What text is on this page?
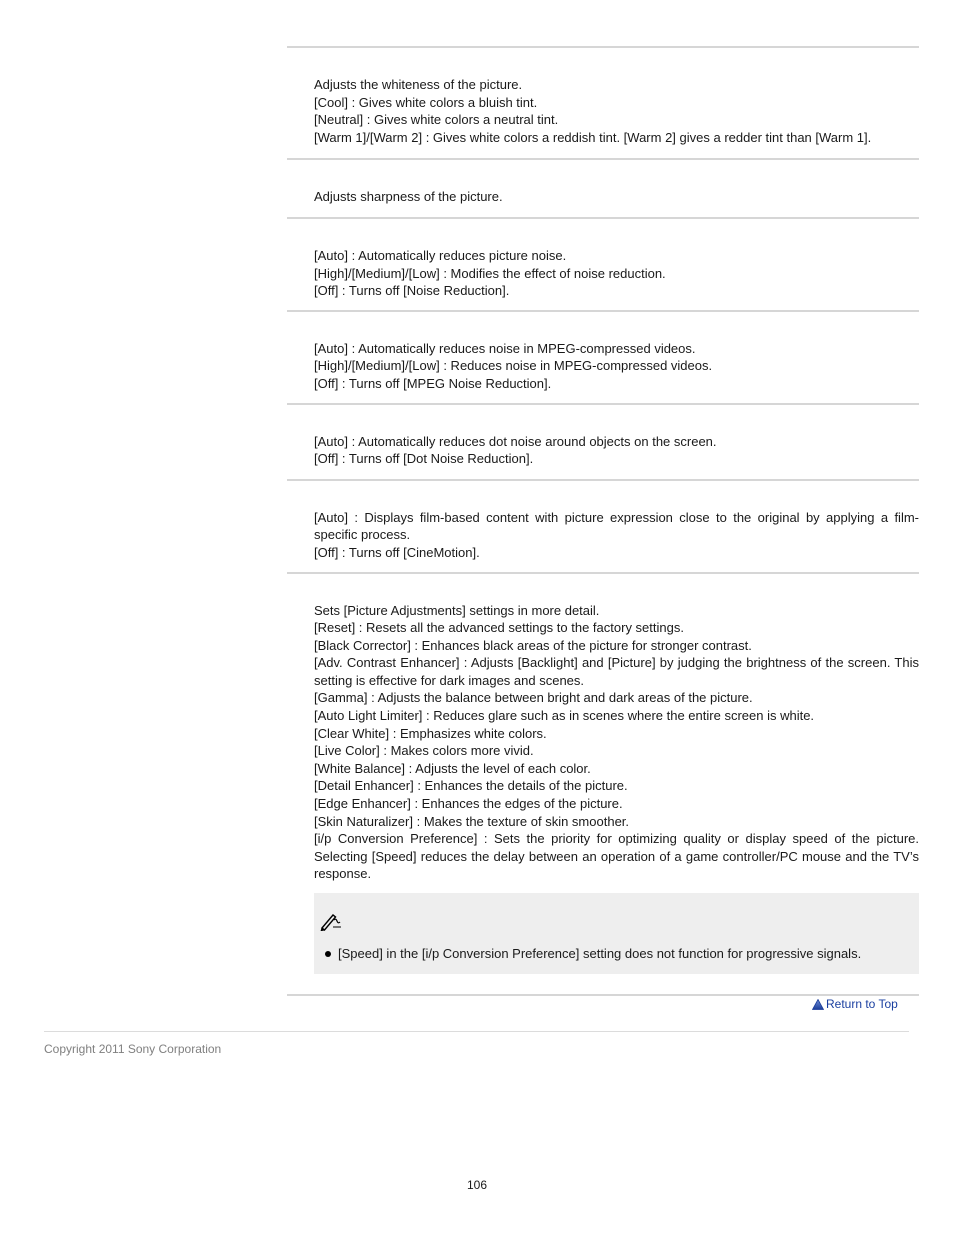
Adjusts the whiteness of the picture.
[Cool] : Gives white colors a bluish tint.
[Neutral] : Gives white colors a neutral tint.
[Warm 1]/[Warm 2] : Gives white colors a reddish tint. [Warm 2] gives a redder tint than [Warm 1].
Adjusts sharpness of the picture.
[Auto] : Automatically reduces picture noise.
[High]/[Medium]/[Low] : Modifies the effect of noise reduction.
[Off] : Turns off [Noise Reduction].
[Auto] : Automatically reduces noise in MPEG-compressed videos.
[High]/[Medium]/[Low] : Reduces noise in MPEG-compressed videos.
[Off] : Turns off [MPEG Noise Reduction].
[Auto] : Automatically reduces dot noise around objects on the screen.
[Off] : Turns off [Dot Noise Reduction].
[Auto] : Displays film-based content with picture expression close to the original by applying a film-specific process.
[Off] : Turns off [CineMotion].
Sets [Picture Adjustments] settings in more detail.
[Reset] : Resets all the advanced settings to the factory settings.
[Black Corrector] : Enhances black areas of the picture for stronger contrast.
[Adv. Contrast Enhancer] : Adjusts [Backlight] and [Picture] by judging the brightness of the screen. This setting is effective for dark images and scenes.
[Gamma] : Adjusts the balance between bright and dark areas of the picture.
[Auto Light Limiter] : Reduces glare such as in scenes where the entire screen is white.
[Clear White] : Emphasizes white colors.
[Live Color] : Makes colors more vivid.
[White Balance] : Adjusts the level of each color.
[Detail Enhancer] : Enhances the details of the picture.
[Edge Enhancer] : Enhances the edges of the picture.
[Skin Naturalizer] : Makes the texture of skin smoother.
[i/p Conversion Preference] : Sets the priority for optimizing quality or display speed of the picture. Selecting [Speed] reduces the delay between an operation of a game controller/PC mouse and the TV’s response.
[Speed] in the [i/p Conversion Preference] setting does not function for progressive signals.
Return to Top
Copyright 2011 Sony Corporation
106
